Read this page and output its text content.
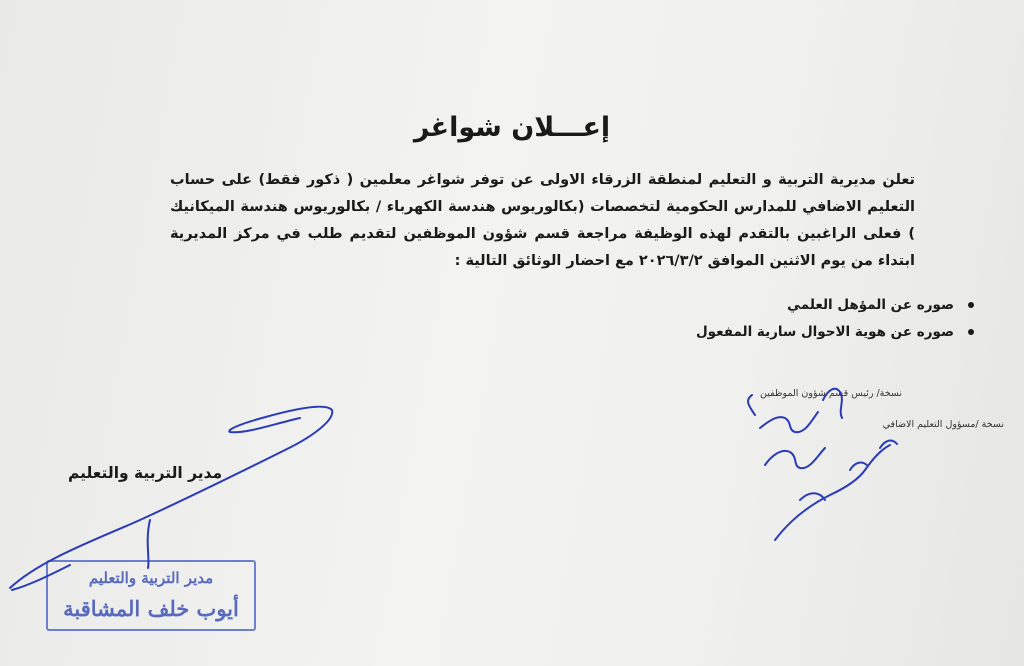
إعـــلان شواغر

تعلن مديرية التربية و التعليم لمنطقة الزرقاء الاولى عن توفر شواغر معلمين ( ذكور فقط) على حساب التعليم الاضافي للمدارس الحكومية لتخصصات (بكالوريوس هندسة الكهرباء / بكالوريوس هندسة الميكانيك ) فعلى الراغبين بالتقدم لهذه الوظيفة مراجعة قسم شؤون الموظفين لتقديم طلب في مركز المديرية ابتداء من يوم الاثنين الموافق ٢٠٢٦/٣/٢ مع احضار الوثائق التالية :

صوره عن المؤهل العلمي
صوره عن هوية الاحوال سارية المفعول
نسخة/ رئيس قسم شؤون الموظفين
نسخة /مسؤول التعليم الاضافي
مدير التربية والتعليم
مدير التربية والتعليم
أيوب خلف المشاقبة
